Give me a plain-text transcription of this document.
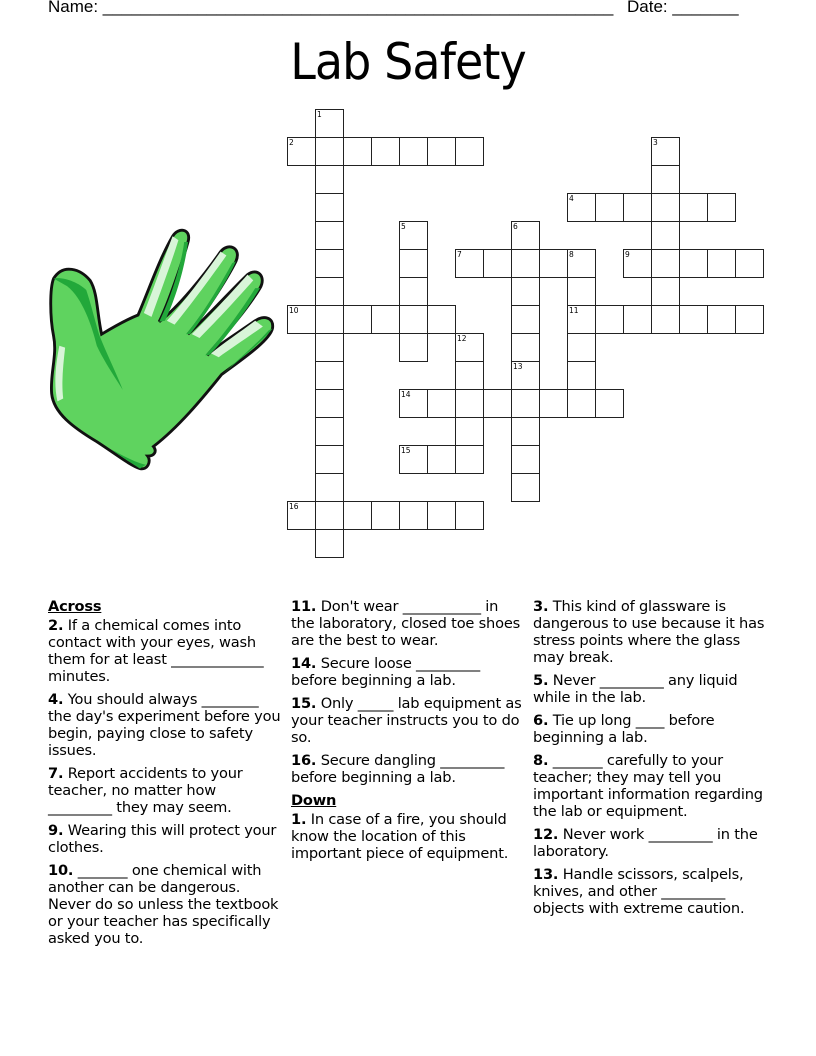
Name: ______________________________________________________ Date: _______
Lab Safety
1
2	3
4
5	6
7	8
11
9
10
12
13
14
15
16
Across
2. If a chemical comes into contact with your eyes, wash them for at least _____________ minutes.
4. You should always ________ the day's experiment before you begin, paying close to safety issues.
7. Report accidents to your teacher, no matter how _________ they may seem.
9. Wearing this will protect your clothes.
10. _______ one chemical with another can be dangerous. Never do so unless the textbook or your teacher has specifically asked you to.
11. Don't wear ___________ in the laboratory, closed toe shoes are the best to wear.
14. Secure loose _________ before beginning a lab.
15. Only _____ lab equipment as your teacher instructs you to do so.
16. Secure dangling _________ before beginning a lab.
Down
1. In case of a fire, you should know the location of this important piece of equipment.
3. This kind of glassware is dangerous to use because it has stress points where the glass may break.
5. Never _________ any liquid while in the lab.
6. Tie up long ____ before beginning a lab.
8. _______ carefully to your teacher; they may tell you important information regarding the lab or equipment.
12. Never work _________ in the laboratory.
13. Handle scissors, scalpels, knives, and other _________ objects with extreme caution.
